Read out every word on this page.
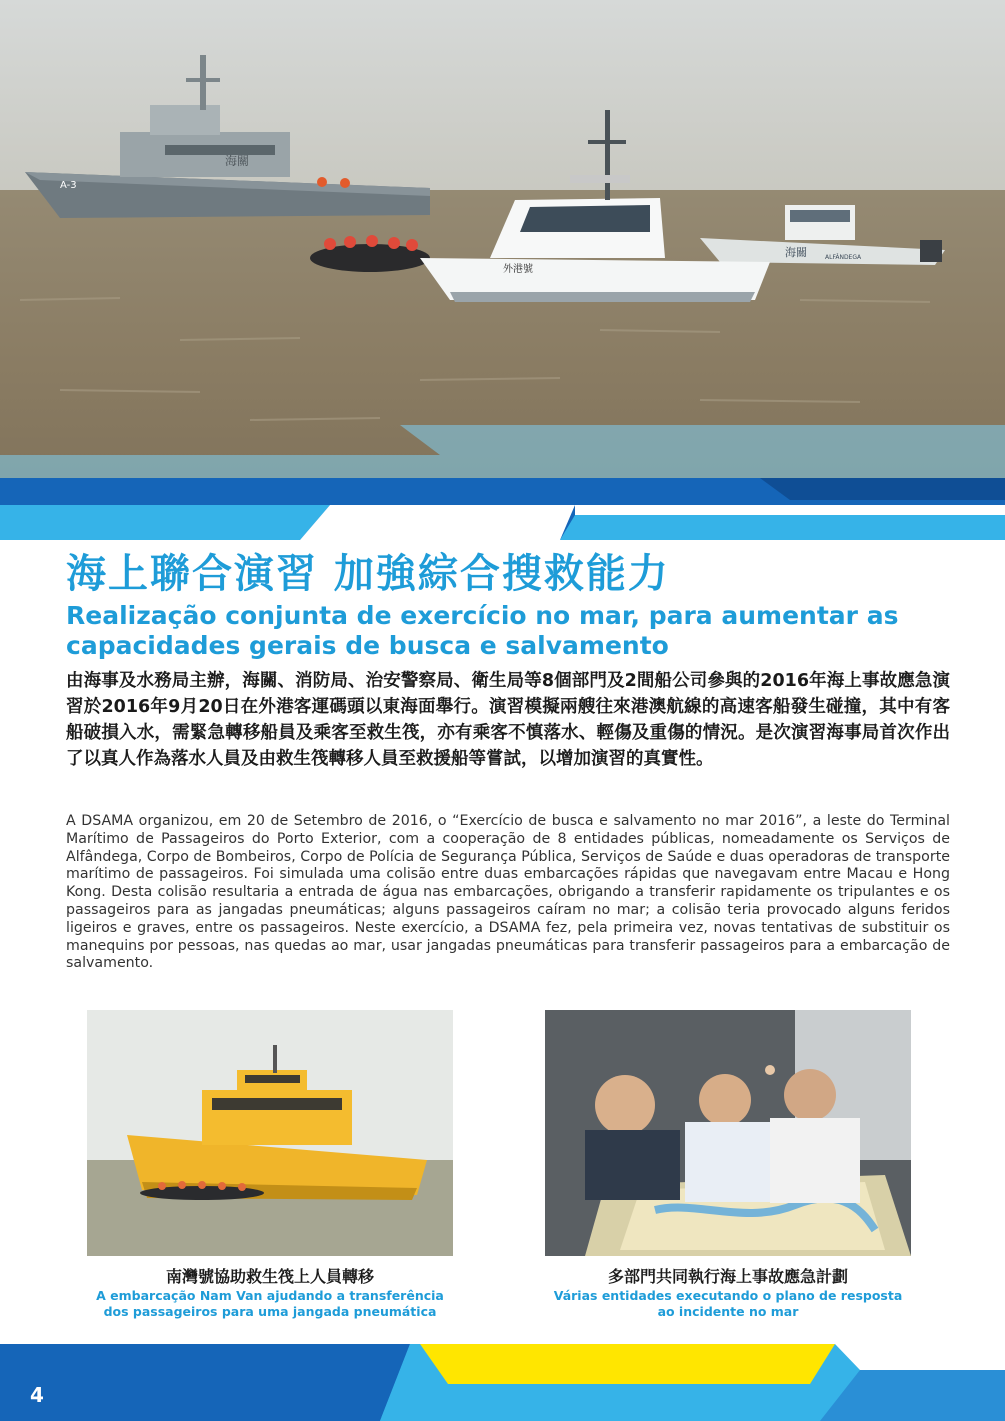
海關
A-3
海關	ALFÂNDEGA
外港號
海上聯合演習 加強綜合搜救能力
Realização conjunta de exercício no mar, para aumentar as capacidades gerais de busca e salvamento
由海事及水務局主辦，海關、消防局、治安警察局、衛生局等8個部門及2間船公司參與的2016年海上事故應急演習於2016年9月20日在外港客運碼頭以東海面舉行。演習模擬兩艘往來港澳航線的高速客船發生碰撞，其中有客船破損入水，需緊急轉移船員及乘客至救生筏，亦有乘客不慎落水、輕傷及重傷的情況。是次演習海事局首次作出了以真人作為落水人員及由救生筏轉移人員至救援船等嘗試，以增加演習的真實性。
A DSAMA organizou, em 20 de Setembro de 2016, o “Exercício de busca e salvamento no mar 2016”, a leste do Terminal Marítimo de Passageiros do Porto Exterior, com a cooperação de 8 entidades públicas, nomeadamente os Serviços de Alfândega, Corpo de Bombeiros, Corpo de Polícia de Segurança Pública, Serviços de Saúde e duas operadoras de transporte marítimo de passageiros. Foi simulada uma colisão entre duas embarcações rápidas que navegavam entre Macau e Hong Kong. Desta colisão resultaria a entrada de água nas embarcações, obrigando a transferir rapidamente os tripulantes e os passageiros para as jangadas pneumáticas; alguns passageiros caíram no mar; a colisão teria provocado alguns feridos ligeiros e graves, entre os passageiros. Neste exercício, a DSAMA fez, pela primeira vez, novas tentativas de substituir os manequins por pessoas, nas quedas ao mar, usar jangadas pneumáticas para transferir passageiros para a embarcação de salvamento.
南灣號協助救生筏上人員轉移
A embarcação Nam Van ajudando a transferência
dos passageiros para uma jangada pneumática
多部門共同執行海上事故應急計劃
Várias entidades executando o plano de resposta
ao incidente no mar
4
